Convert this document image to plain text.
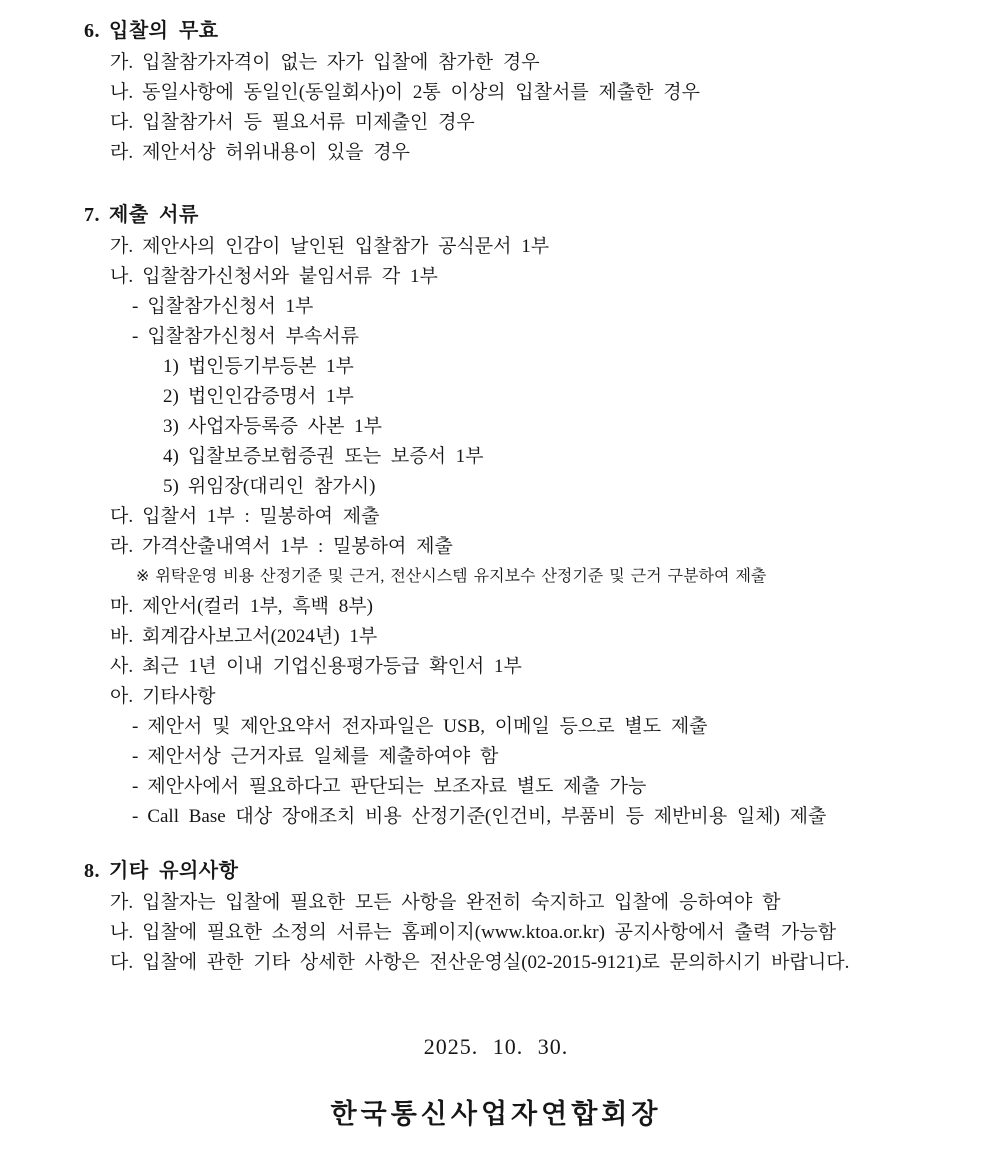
6. 입찰의 무효
가. 입찰참가자격이 없는 자가 입찰에 참가한 경우
나. 동일사항에 동일인(동일회사)이 2통 이상의 입찰서를 제출한 경우
다. 입찰참가서 등 필요서류 미제출인 경우
라. 제안서상 허위내용이 있을 경우
7. 제출 서류
가. 제안사의 인감이 날인된 입찰참가 공식문서 1부
나. 입찰참가신청서와 붙임서류 각 1부
- 입찰참가신청서 1부
- 입찰참가신청서 부속서류
1) 법인등기부등본 1부
2) 법인인감증명서 1부
3) 사업자등록증 사본 1부
4) 입찰보증보험증권 또는 보증서 1부
5) 위임장(대리인 참가시)
다. 입찰서 1부 : 밀봉하여 제출
라. 가격산출내역서 1부 : 밀봉하여 제출
※ 위탁운영 비용 산정기준 및 근거, 전산시스템 유지보수 산정기준 및 근거 구분하여 제출
마. 제안서(컬러 1부, 흑백 8부)
바. 회계감사보고서(2024년) 1부
사. 최근 1년 이내 기업신용평가등급 확인서 1부
아. 기타사항
- 제안서 및 제안요약서 전자파일은 USB, 이메일 등으로 별도 제출
- 제안서상 근거자료 일체를 제출하여야 함
- 제안사에서 필요하다고 판단되는 보조자료 별도 제출 가능
- Call Base 대상 장애조치 비용 산정기준(인건비, 부품비 등 제반비용 일체) 제출
8. 기타 유의사항
가. 입찰자는 입찰에 필요한 모든 사항을 완전히 숙지하고 입찰에 응하여야 함
나. 입찰에 필요한 소정의 서류는 홈페이지(www.ktoa.or.kr) 공지사항에서 출력 가능함
다. 입찰에 관한 기타 상세한 사항은 전산운영실(02-2015-9121)로 문의하시기 바랍니다.
2025. 10. 30.
한국통신사업자연합회장
